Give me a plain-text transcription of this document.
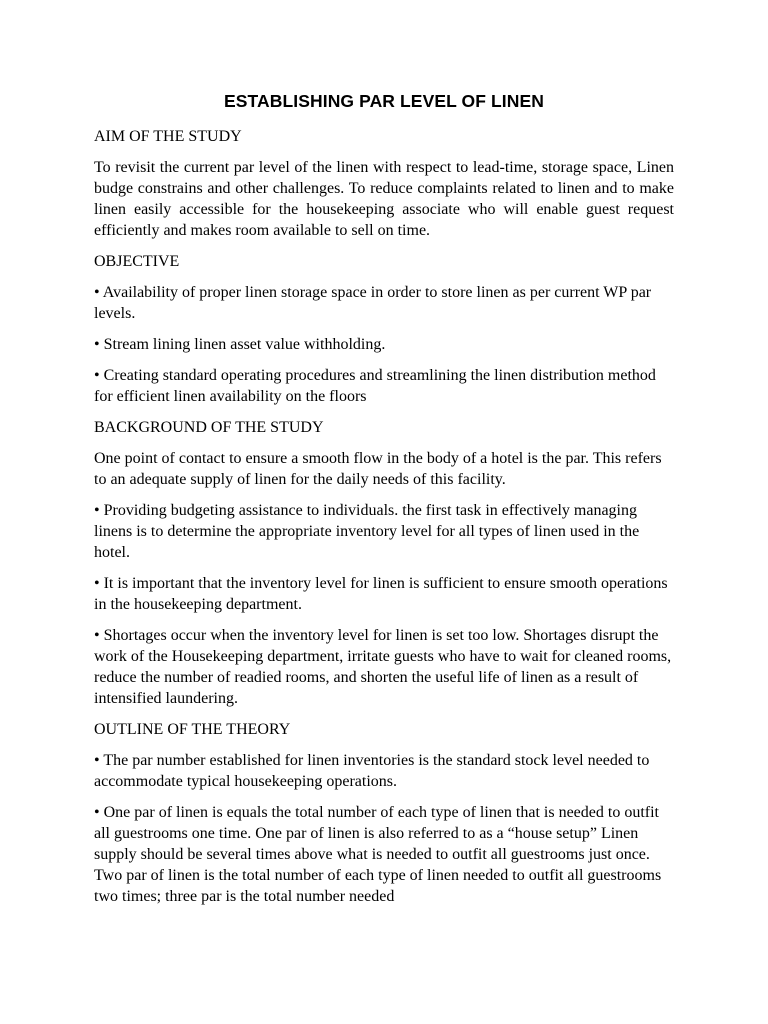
ESTABLISHING PAR LEVEL OF LINEN
AIM OF THE STUDY

To revisit the current par level of the linen with respect to lead-time, storage space, Linen budge constrains and other challenges. To reduce complaints related to linen and to make linen easily accessible for the housekeeping associate who will enable guest request efficiently and makes room available to sell on time.

OBJECTIVE

• Availability of proper linen storage space in order to store linen as per current WP par levels.

• Stream lining linen asset value withholding.

• Creating standard operating procedures and streamlining the linen distribution method for efficient linen availability on the floors

BACKGROUND OF THE STUDY

One point of contact to ensure a smooth flow in the body of a hotel is the par. This refers to an adequate supply of linen for the daily needs of this facility.

• Providing budgeting assistance to individuals. the first task in effectively managing linens is to determine the appropriate inventory level for all types of linen used in the hotel.

• It is important that the inventory level for linen is sufficient to ensure smooth operations in the housekeeping department.

• Shortages occur when the inventory level for linen is set too low. Shortages disrupt the work of the Housekeeping department, irritate guests who have to wait for cleaned rooms, reduce the number of readied rooms, and shorten the useful life of linen as a result of intensified laundering.

OUTLINE OF THE THEORY

• The par number established for linen inventories is the standard stock level needed to accommodate typical housekeeping operations.

• One par of linen is equals the total number of each type of linen that is needed to outfit all guestrooms one time. One par of linen is also referred to as a “house setup” Linen supply should be several times above what is needed to outfit all guestrooms just once. Two par of linen is the total number of each type of linen needed to outfit all guestrooms two times; three par is the total number needed
